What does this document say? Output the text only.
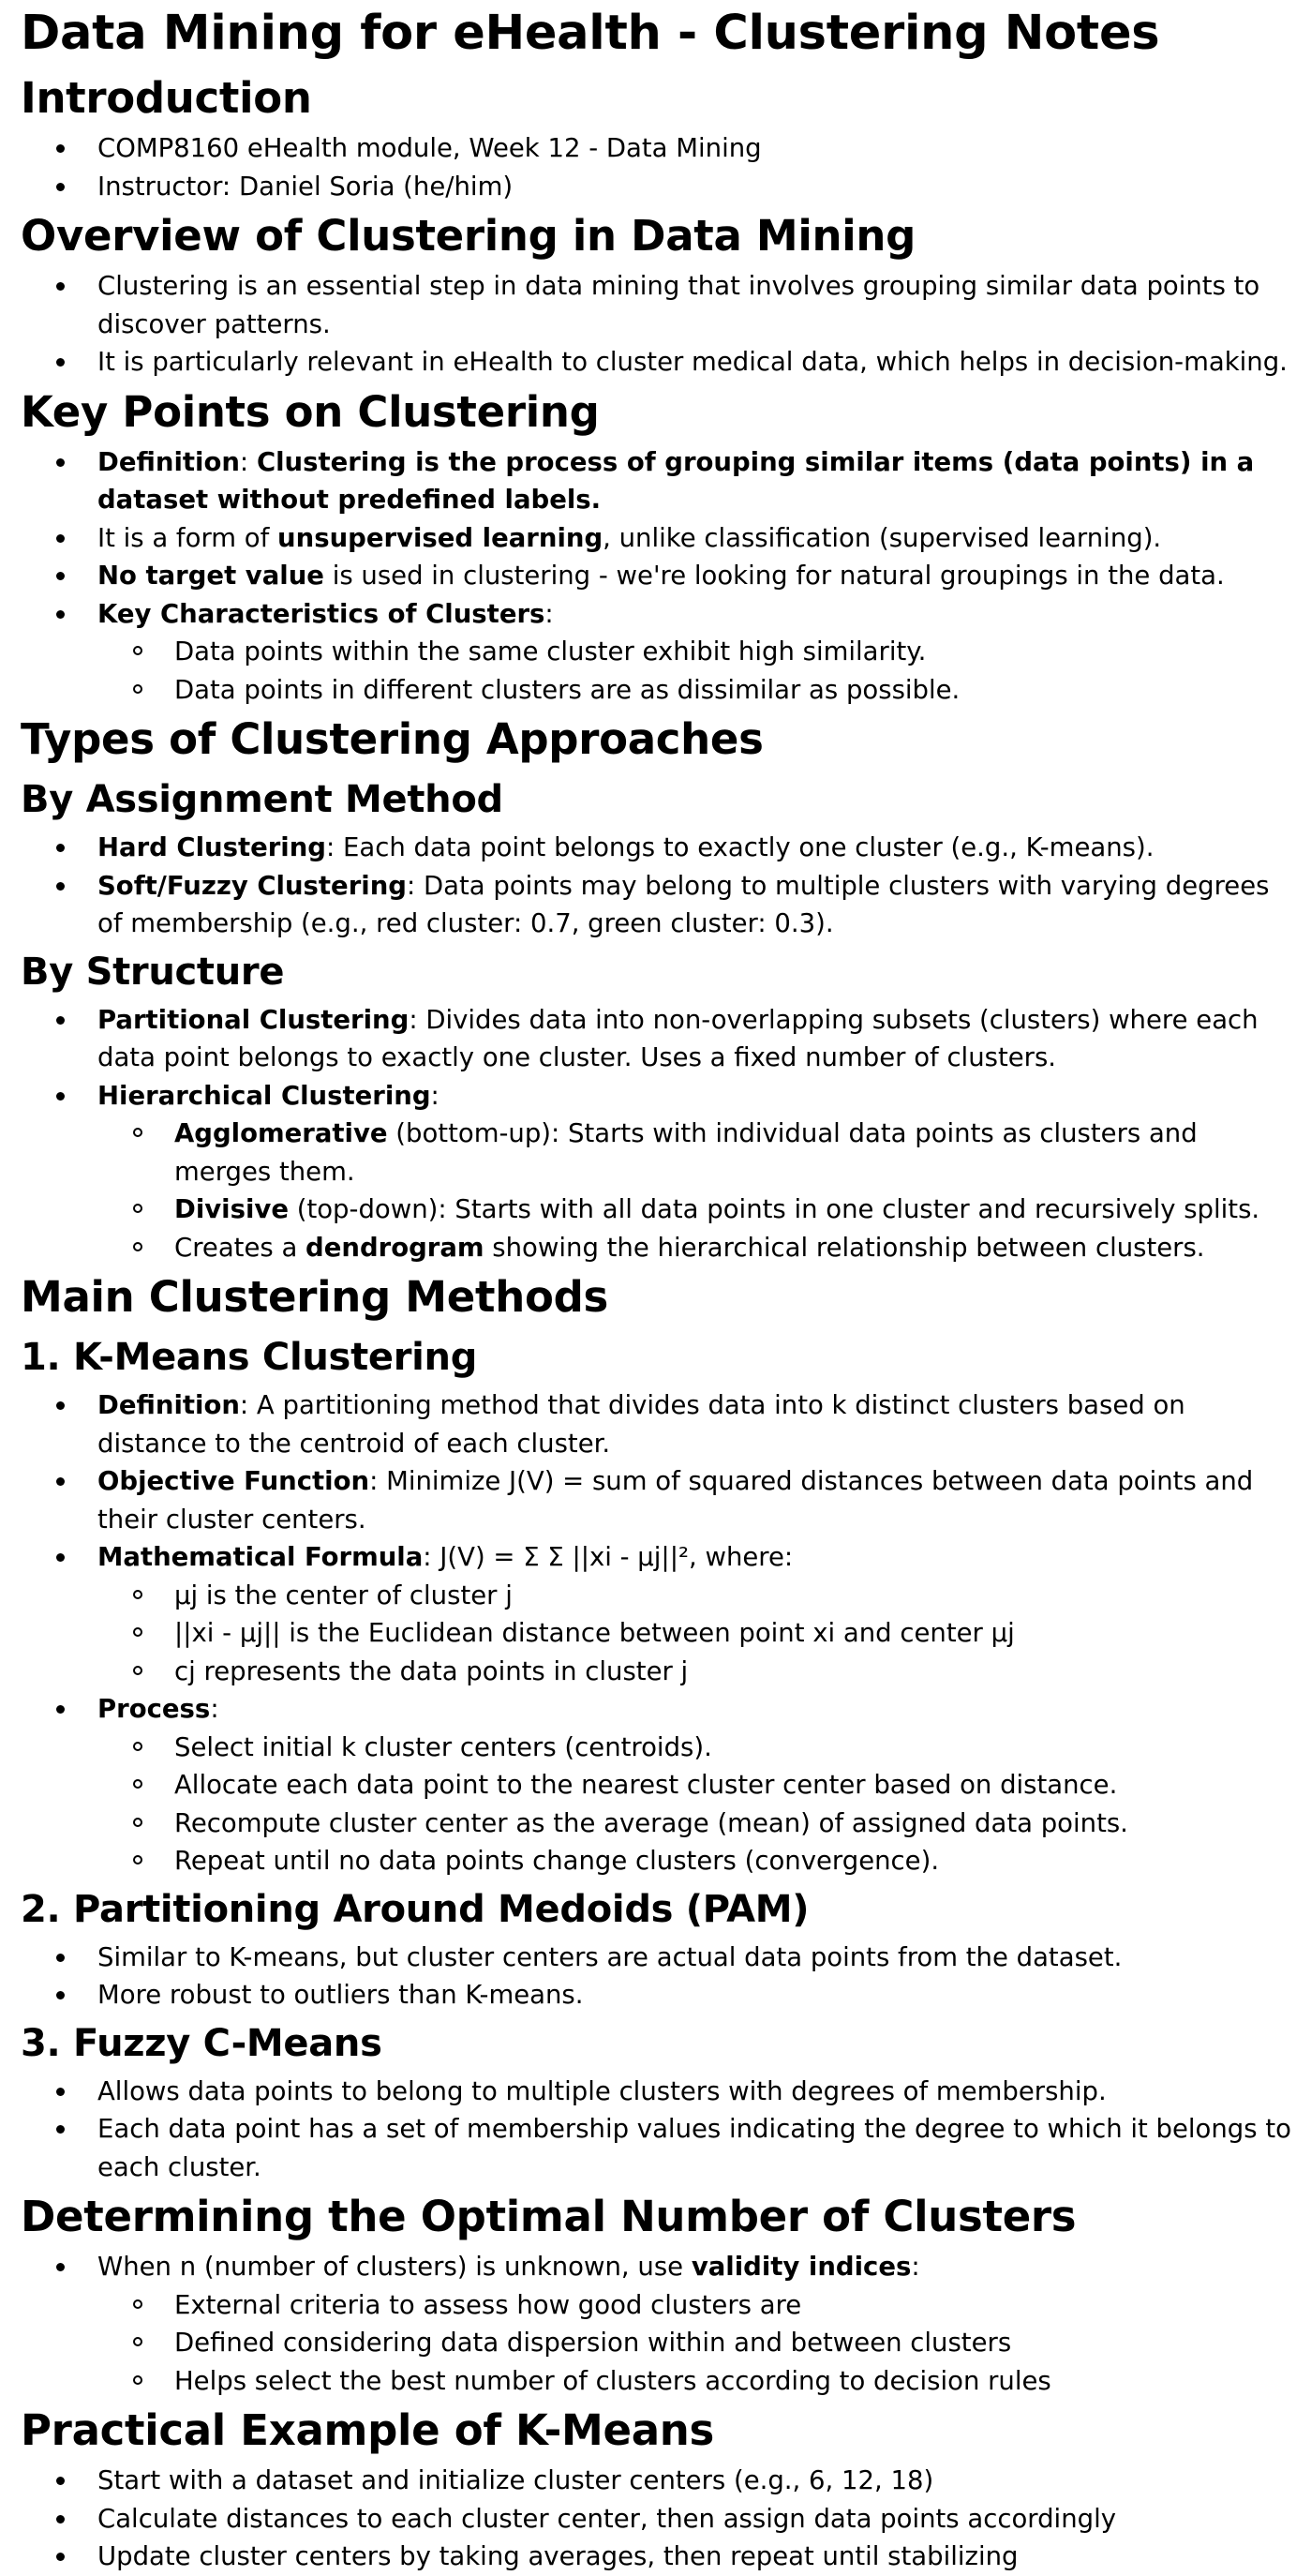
Data Mining for eHealth - Clustering Notes
Introduction
COMP8160 eHealth module, Week 12 - Data Mining
Instructor: Daniel Soria (he/him)
Overview of Clustering in Data Mining
Clustering is an essential step in data mining that involves grouping similar data points to discover patterns.
It is particularly relevant in eHealth to cluster medical data, which helps in decision-making.
Key Points on Clustering
Definition: Clustering is the process of grouping similar items (data points) in a dataset without predefined labels.
It is a form of unsupervised learning, unlike classification (supervised learning).
No target value is used in clustering - we're looking for natural groupings in the data.
Key Characteristics of Clusters:
Data points within the same cluster exhibit high similarity.
Data points in different clusters are as dissimilar as possible.
Types of Clustering Approaches
By Assignment Method
Hard Clustering: Each data point belongs to exactly one cluster (e.g., K-means).
Soft/Fuzzy Clustering: Data points may belong to multiple clusters with varying degrees of membership (e.g., red cluster: 0.7, green cluster: 0.3).
By Structure
Partitional Clustering: Divides data into non-overlapping subsets (clusters) where each data point belongs to exactly one cluster. Uses a fixed number of clusters.
Hierarchical Clustering:
Agglomerative (bottom-up): Starts with individual data points as clusters and merges them.
Divisive (top-down): Starts with all data points in one cluster and recursively splits.
Creates a dendrogram showing the hierarchical relationship between clusters.
Main Clustering Methods
1. K-Means Clustering
Definition: A partitioning method that divides data into k distinct clusters based on distance to the centroid of each cluster.
Objective Function: Minimize J(V) = sum of squared distances between data points and their cluster centers.
Mathematical Formula: J(V) = Σ Σ ||xi - μj||², where:
μj is the center of cluster j
||xi - μj|| is the Euclidean distance between point xi and center μj
cj represents the data points in cluster j
Process:
Select initial k cluster centers (centroids).
Allocate each data point to the nearest cluster center based on distance.
Recompute cluster center as the average (mean) of assigned data points.
Repeat until no data points change clusters (convergence).
2. Partitioning Around Medoids (PAM)
Similar to K-means, but cluster centers are actual data points from the dataset.
More robust to outliers than K-means.
3. Fuzzy C-Means
Allows data points to belong to multiple clusters with degrees of membership.
Each data point has a set of membership values indicating the degree to which it belongs to each cluster.
Determining the Optimal Number of Clusters
When n (number of clusters) is unknown, use validity indices:
External criteria to assess how good clusters are
Defined considering data dispersion within and between clusters
Helps select the best number of clusters according to decision rules
Practical Example of K-Means
Start with a dataset and initialize cluster centers (e.g., 6, 12, 18)
Calculate distances to each cluster center, then assign data points accordingly
Update cluster centers by taking averages, then repeat until stabilizing
